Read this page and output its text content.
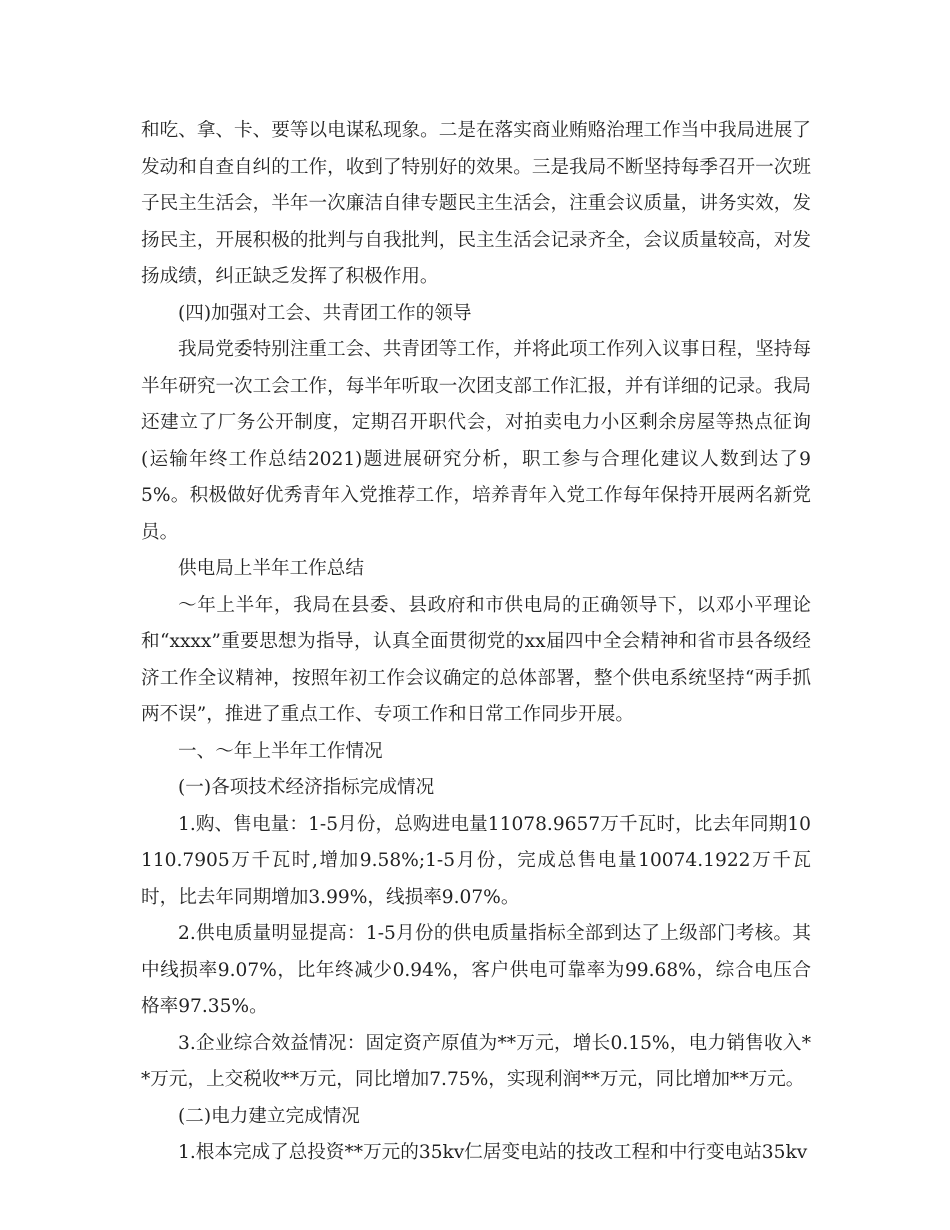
和吃、拿、卡、要等以电谋私现象。二是在落实商业贿赂治理工作当中我局进展了发动和自查自纠的工作，收到了特别好的效果。三是我局不断坚持每季召开一次班子民主生活会，半年一次廉洁自律专题民主生活会，注重会议质量，讲务实效，发扬民主，开展积极的批判与自我批判，民主生活会记录齐全，会议质量较高，对发扬成绩，纠正缺乏发挥了积极作用。

(四)加强对工会、共青团工作的领导

我局党委特别注重工会、共青团等工作，并将此项工作列入议事日程，坚持每半年研究一次工会工作，每半年听取一次团支部工作汇报，并有详细的记录。我局还建立了厂务公开制度，定期召开职代会，对拍卖电力小区剩余房屋等热点征询(运输年终工作总结2021)题进展研究分析，职工参与合理化建议人数到达了95%。积极做好优秀青年入党推荐工作，培养青年入党工作每年保持开展两名新党员。

供电局上半年工作总结

～年上半年，我局在县委、县政府和市供电局的正确领导下，以邓小平理论和“xxxx”重要思想为指导，认真全面贯彻党的xx届四中全会精神和省市县各级经济工作全议精神，按照年初工作会议确定的总体部署，整个供电系统坚持“两手抓两不误”，推进了重点工作、专项工作和日常工作同步开展。

一、～年上半年工作情况

(一)各项技术经济指标完成情况

1.购、售电量：1-5月份，总购进电量11078.9657万千瓦时，比去年同期10110.7905万千瓦时,增加9.58%;1-5月份，完成总售电量10074.1922万千瓦时，比去年同期增加3.99%，线损率9.07%。

2.供电质量明显提高：1-5月份的供电质量指标全部到达了上级部门考核。其中线损率9.07%，比年终减少0.94%，客户供电可靠率为99.68%，综合电压合格率97.35%。

3.企业综合效益情况：固定资产原值为**万元，增长0.15%，电力销售收入**万元，上交税收**万元，同比增加7.75%，实现利润**万元，同比增加**万元。

(二)电力建立完成情况

1.根本完成了总投资**万元的35kv仁居变电站的技改工程和中行变电站35kv
